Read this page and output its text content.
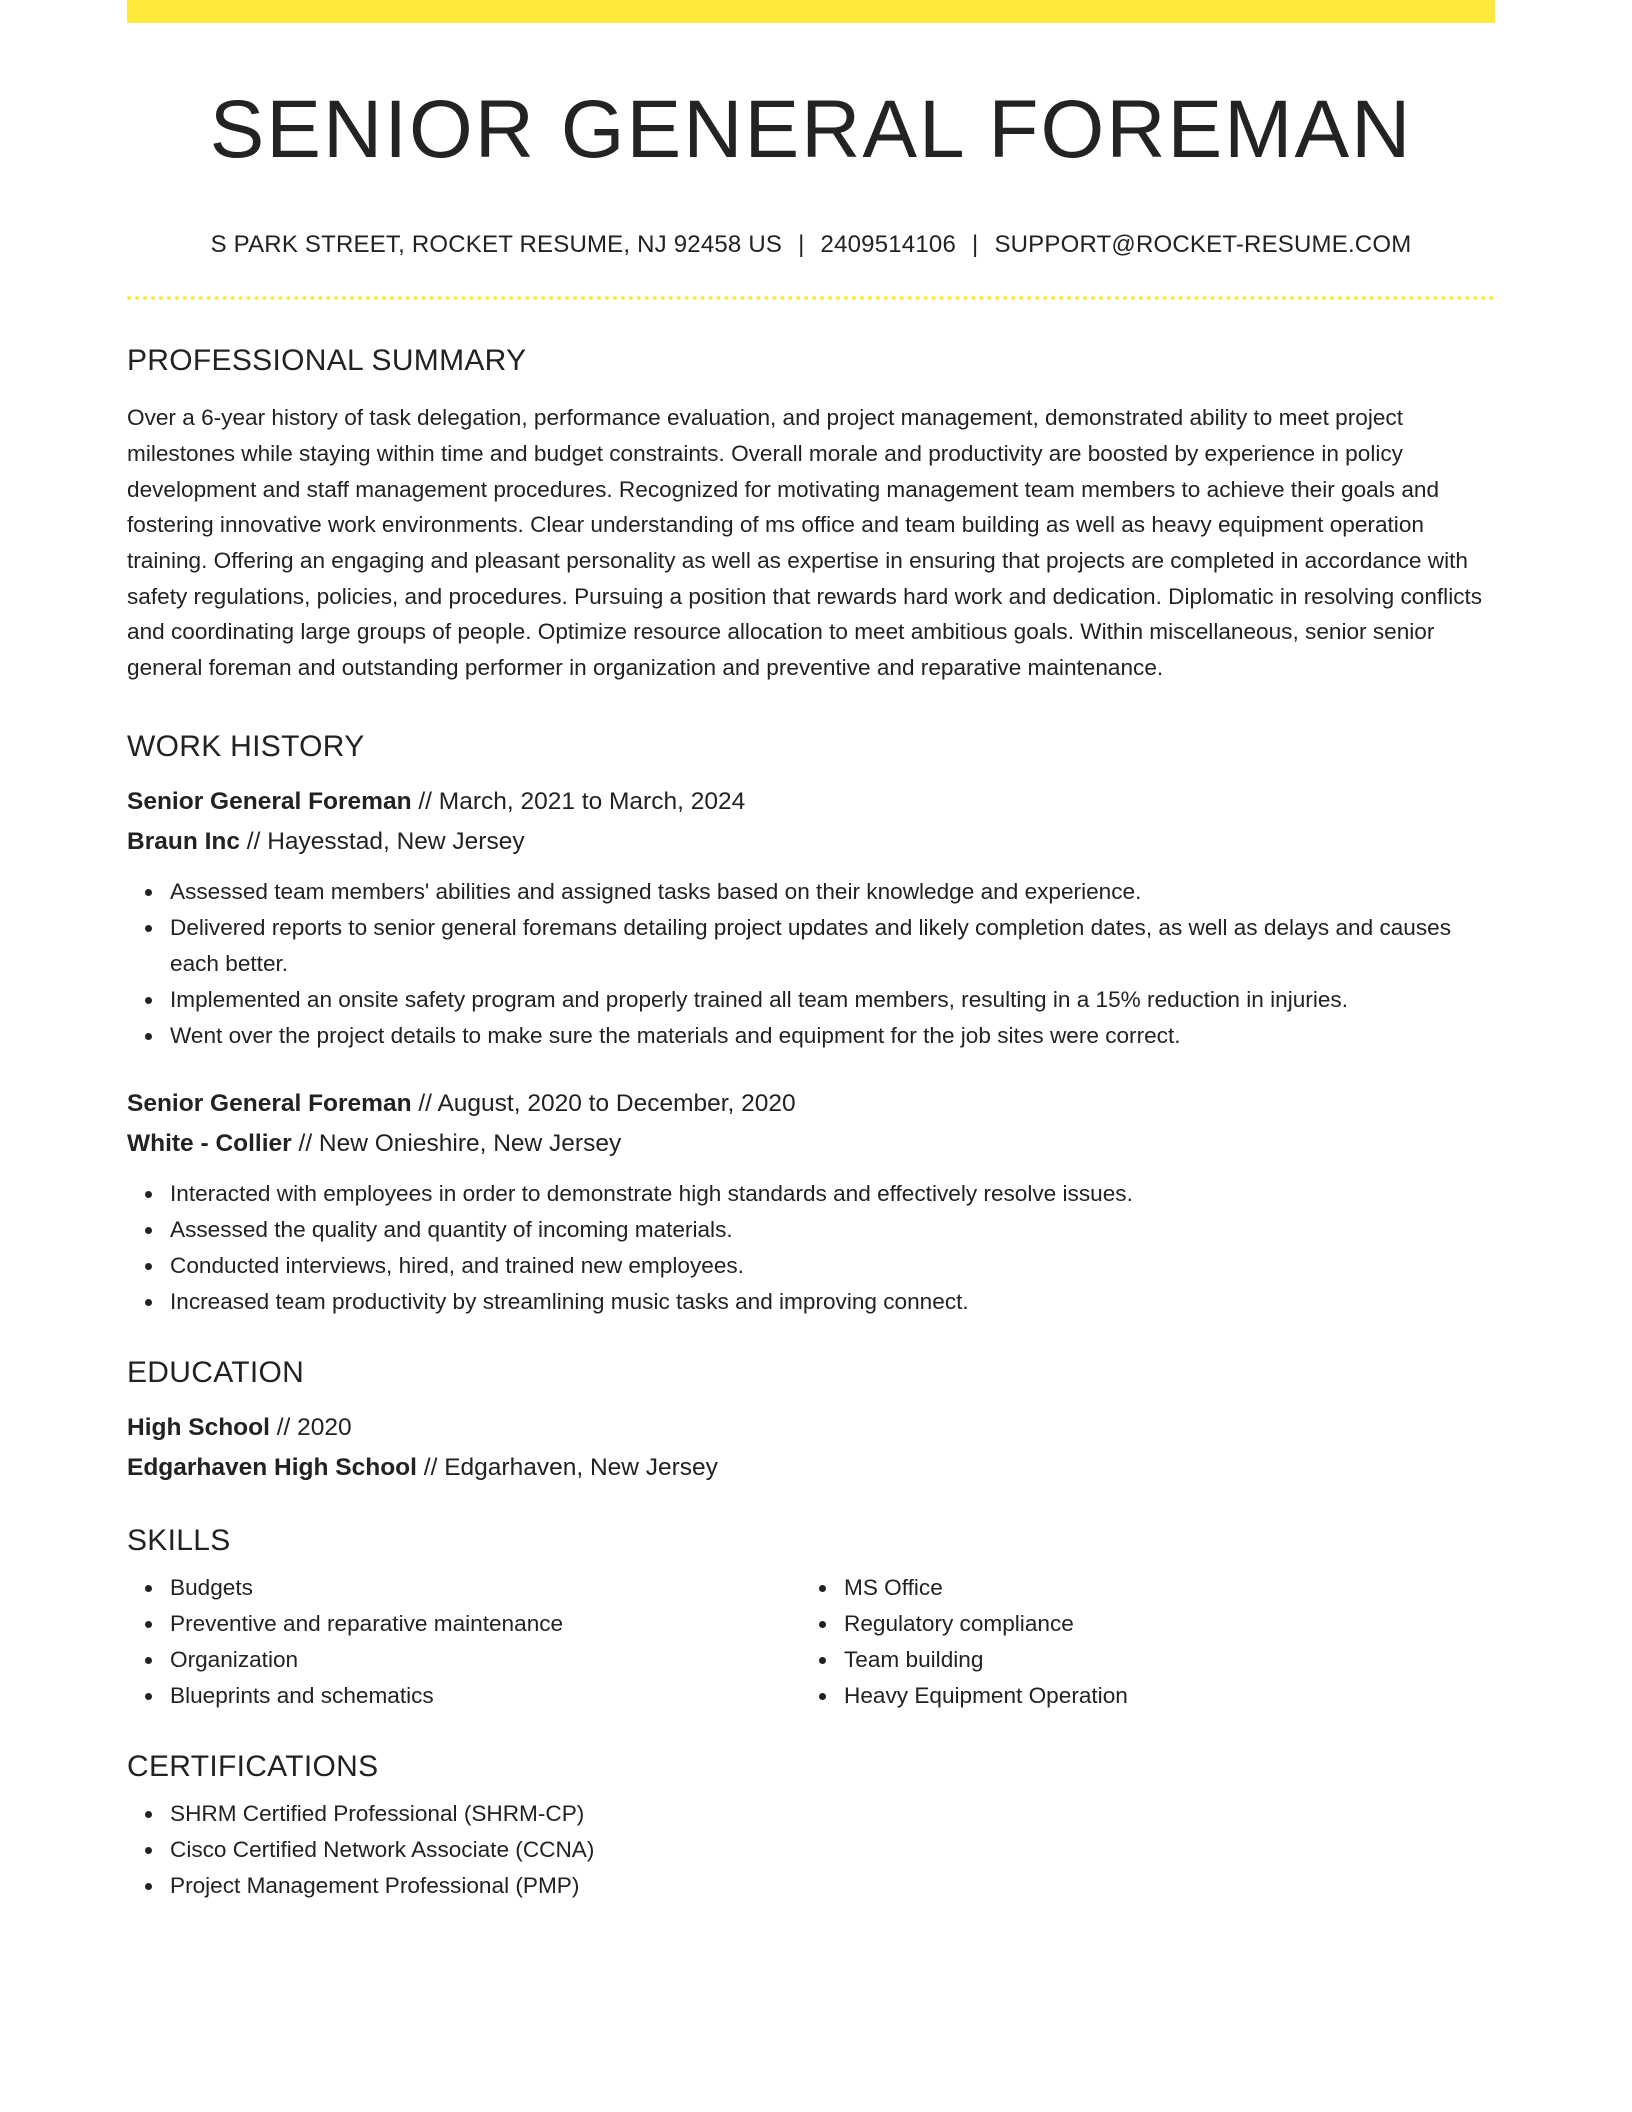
SENIOR GENERAL FOREMAN
S PARK STREET, ROCKET RESUME, NJ 92458 US | 2409514106 | SUPPORT@ROCKET-RESUME.COM
PROFESSIONAL SUMMARY
Over a 6-year history of task delegation, performance evaluation, and project management, demonstrated ability to meet project milestones while staying within time and budget constraints. Overall morale and productivity are boosted by experience in policy development and staff management procedures. Recognized for motivating management team members to achieve their goals and fostering innovative work environments. Clear understanding of ms office and team building as well as heavy equipment operation training. Offering an engaging and pleasant personality as well as expertise in ensuring that projects are completed in accordance with safety regulations, policies, and procedures. Pursuing a position that rewards hard work and dedication. Diplomatic in resolving conflicts and coordinating large groups of people. Optimize resource allocation to meet ambitious goals. Within miscellaneous, senior senior general foreman and outstanding performer in organization and preventive and reparative maintenance.
WORK HISTORY
Senior General Foreman // March, 2021 to March, 2024
Braun Inc // Hayesstad, New Jersey
Assessed team members' abilities and assigned tasks based on their knowledge and experience.
Delivered reports to senior general foremans detailing project updates and likely completion dates, as well as delays and causes each better.
Implemented an onsite safety program and properly trained all team members, resulting in a 15% reduction in injuries.
Went over the project details to make sure the materials and equipment for the job sites were correct.
Senior General Foreman // August, 2020 to December, 2020
White - Collier // New Onieshire, New Jersey
Interacted with employees in order to demonstrate high standards and effectively resolve issues.
Assessed the quality and quantity of incoming materials.
Conducted interviews, hired, and trained new employees.
Increased team productivity by streamlining music tasks and improving connect.
EDUCATION
High School // 2020
Edgarhaven High School // Edgarhaven, New Jersey
SKILLS
Budgets
Preventive and reparative maintenance
Organization
Blueprints and schematics
MS Office
Regulatory compliance
Team building
Heavy Equipment Operation
CERTIFICATIONS
SHRM Certified Professional (SHRM-CP)
Cisco Certified Network Associate (CCNA)
Project Management Professional (PMP)
